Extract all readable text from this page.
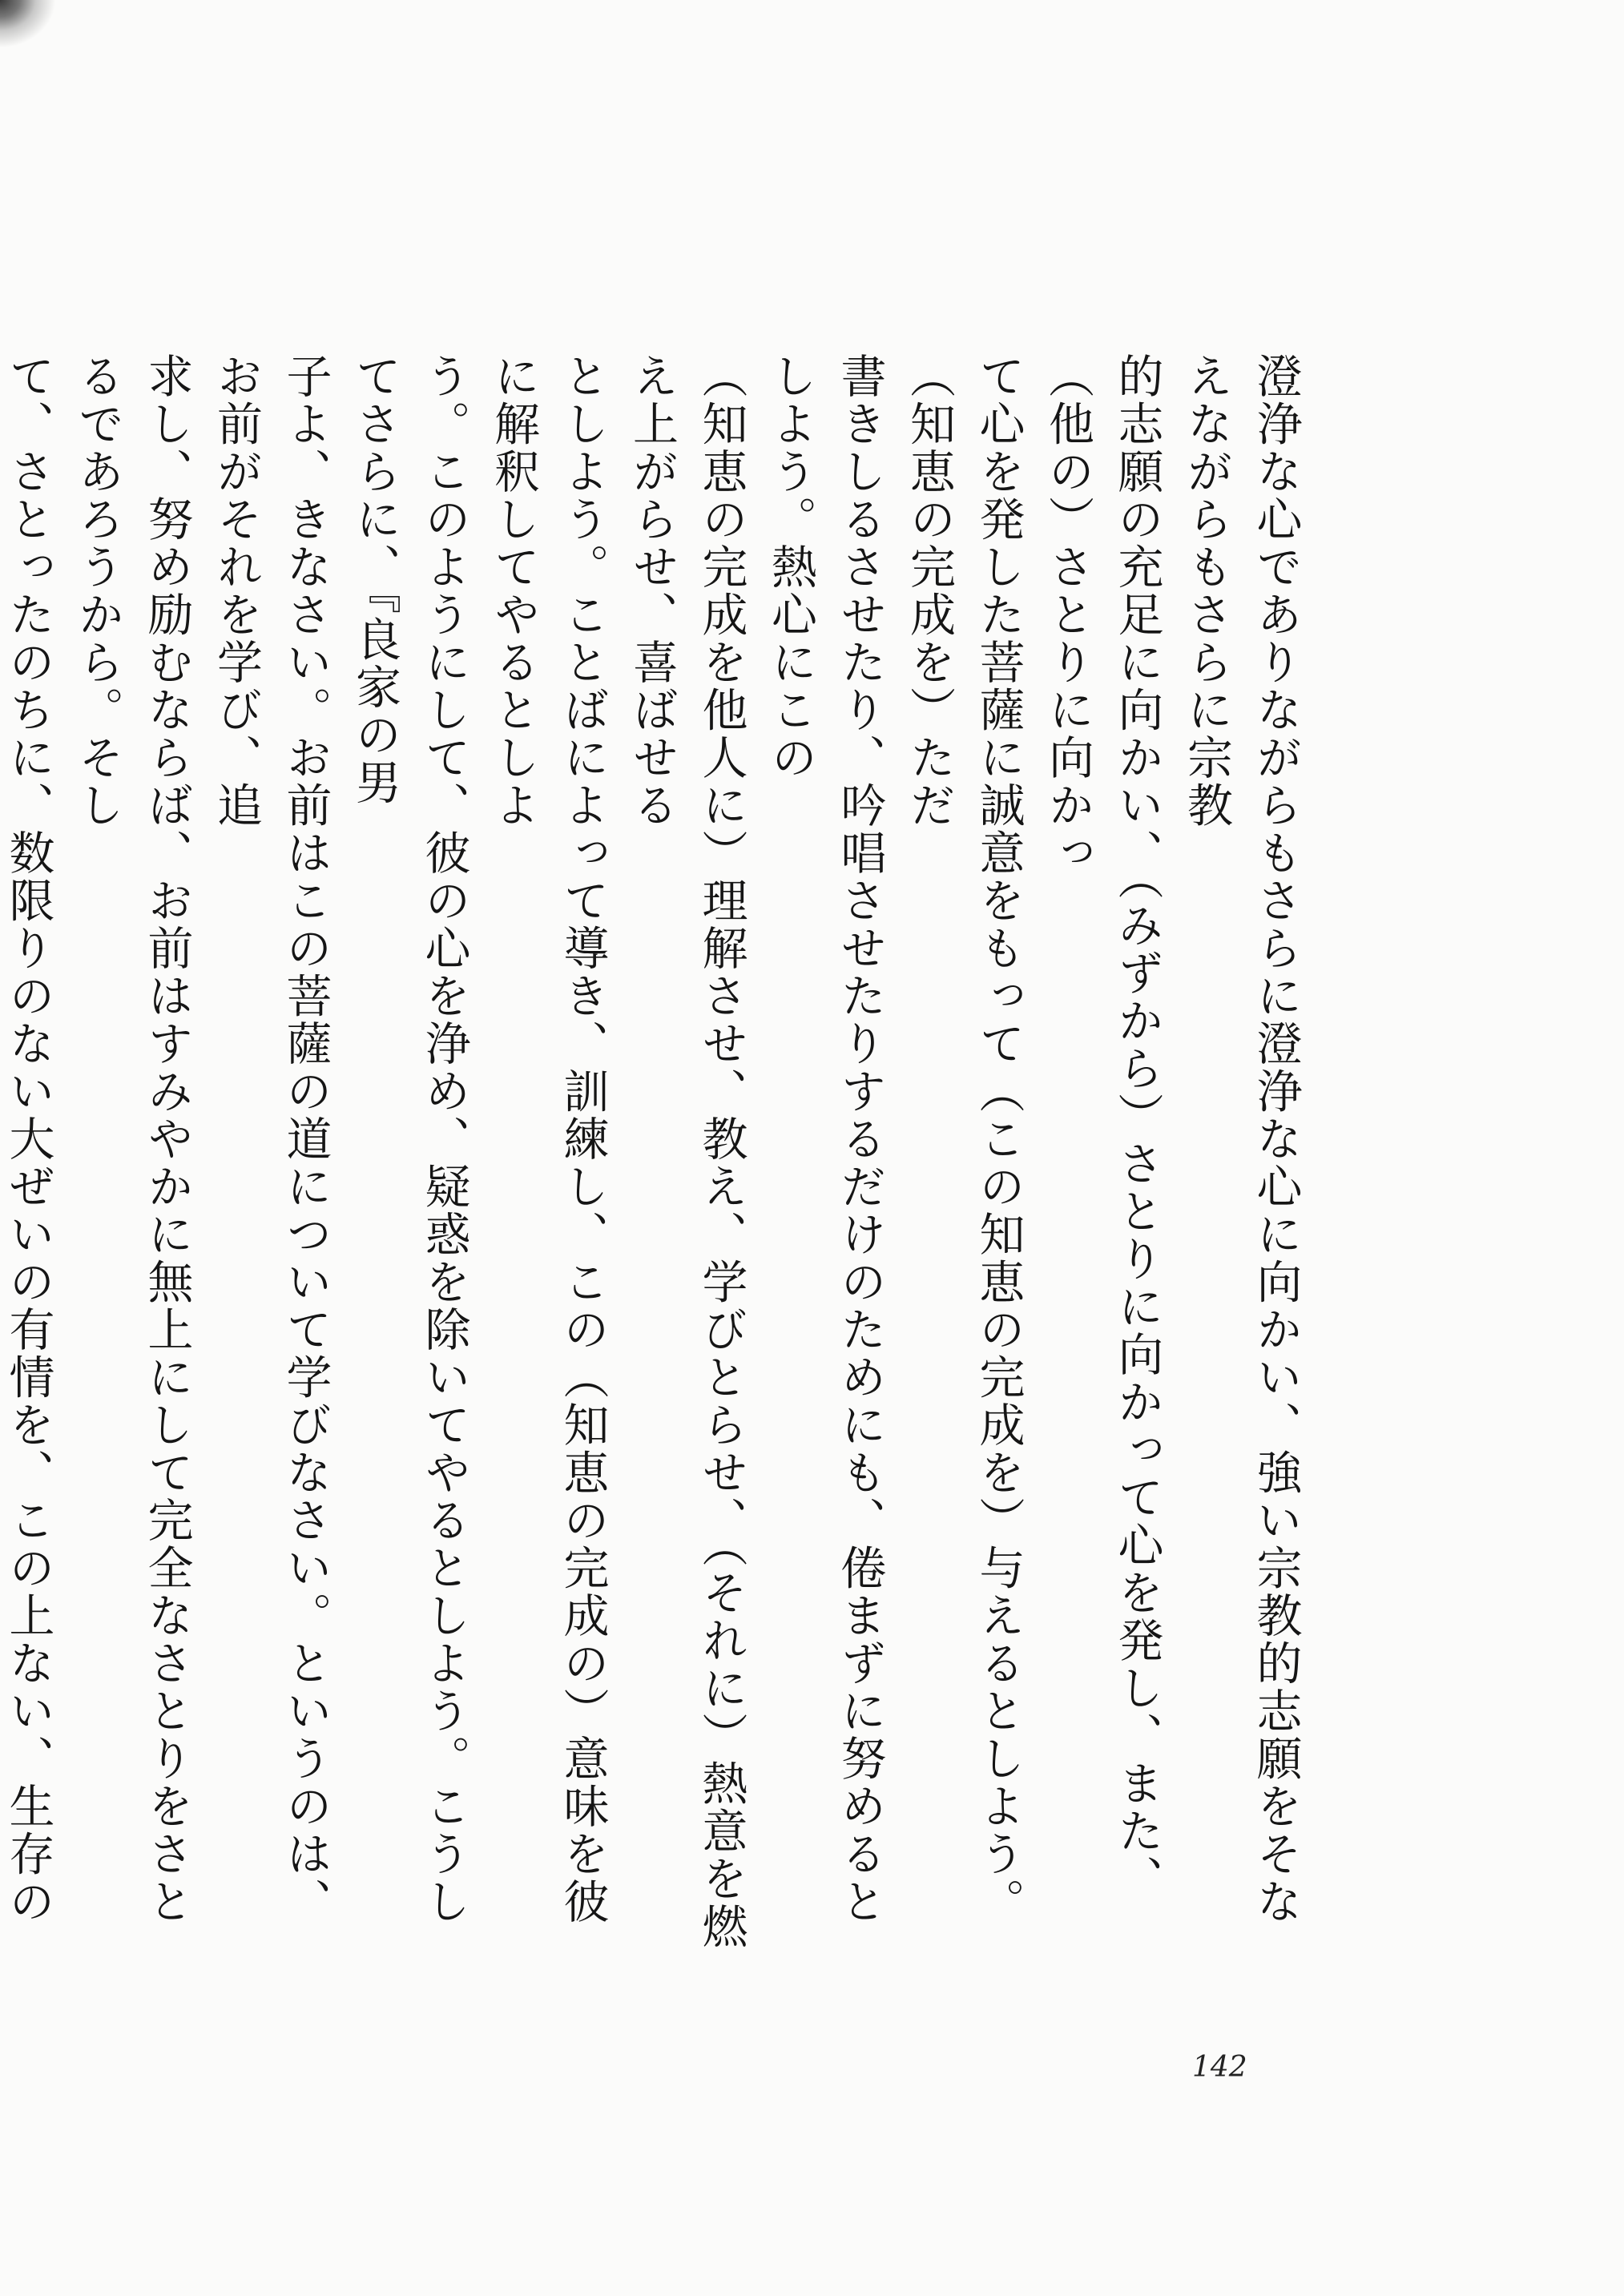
澄浄な心でありながらもさらに澄浄な心に向かい、強い宗教的志願をそなえながらもさらに宗教
的志願の充足に向かい、（みずから）さとりに向かって心を発し、また、（他の）さとりに向かっ
て心を発した菩薩に誠意をもって（この知恵の完成を）与えるとしよう。（知恵の完成を）ただ
書きしるさせたり、吟唱させたりするだけのためにも、倦まずに努めるとしよう。熱心にこの
（知恵の完成を他人に）理解させ、教え、学びとらせ、（それに）熱意を燃え上がらせ、喜ばせる
としよう。ことばによって導き、訓練し、この（知恵の完成の）意味を彼に解釈してやるとしよ
う。このようにして、彼の心を浄め、疑惑を除いてやるとしよう。こうしてさらに、『良家の男
子よ、きなさい。お前はこの菩薩の道について学びなさい。というのは、お前がそれを学び、追
求し、努め励むならば、お前はすみやかに無上にして完全なさとりをさとるであろうから。そし
て、さとったのちに、数限りのない大ぜいの有情を、この上ない、生存の

142
